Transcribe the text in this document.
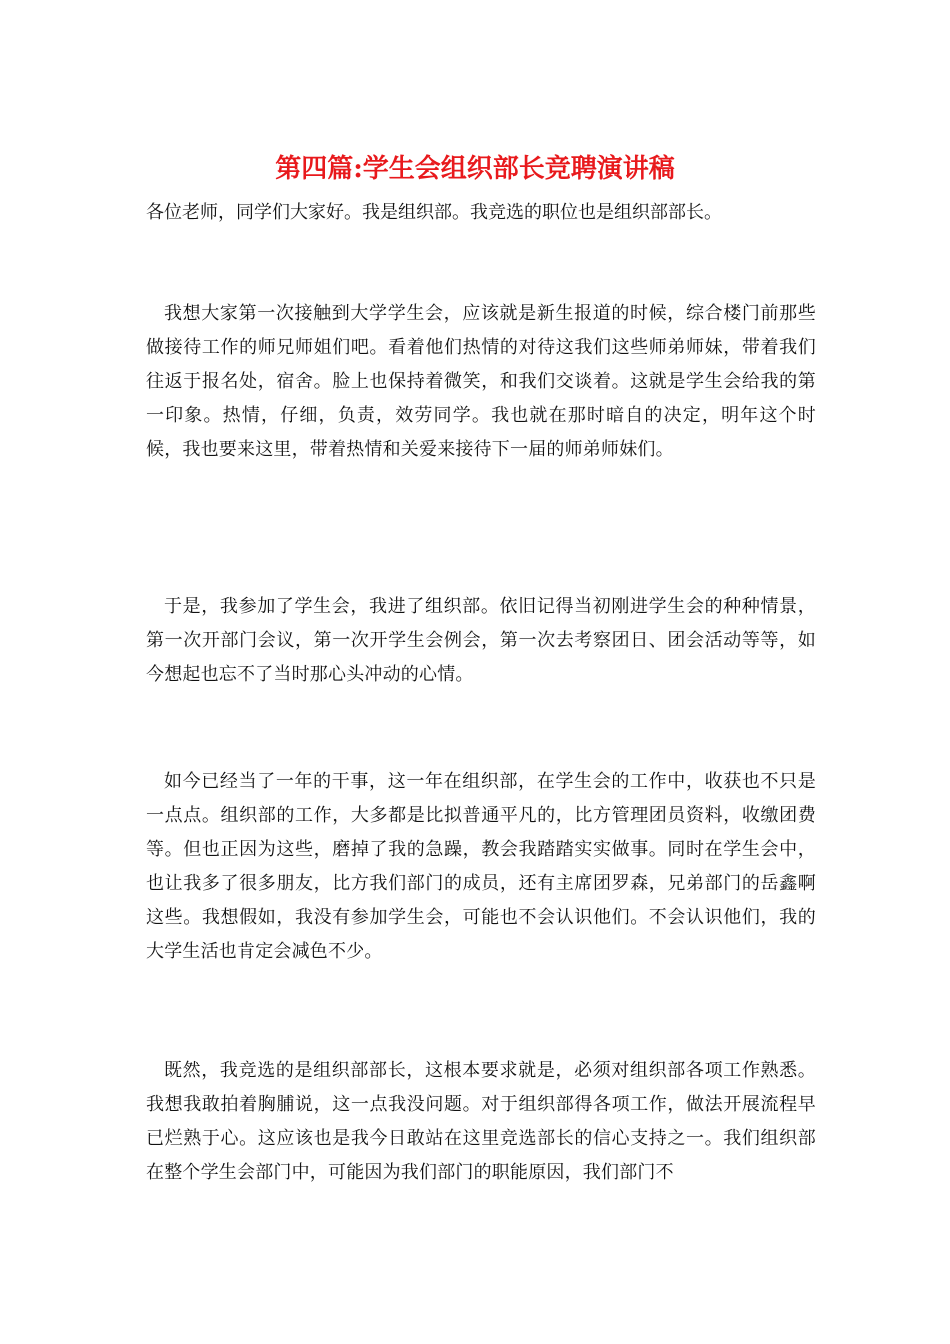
第四篇:学生会组织部长竞聘演讲稿

各位老师，同学们大家好。我是组织部。我竞选的职位也是组织部部长。

我想大家第一次接触到大学学生会，应该就是新生报道的时候，综合楼门前那些做接待工作的师兄师姐们吧。看着他们热情的对待这我们这些师弟师妹，带着我们往返于报名处，宿舍。脸上也保持着微笑，和我们交谈着。这就是学生会给我的第一印象。热情，仔细，负责，效劳同学。我也就在那时暗自的决定，明年这个时候，我也要来这里，带着热情和关爱来接待下一届的师弟师妹们。

于是，我参加了学生会，我进了组织部。依旧记得当初刚进学生会的种种情景，第一次开部门会议，第一次开学生会例会，第一次去考察团日、团会活动等等，如今想起也忘不了当时那心头冲动的心情。

如今已经当了一年的干事，这一年在组织部，在学生会的工作中，收获也不只是一点点。组织部的工作，大多都是比拟普通平凡的，比方管理团员资料，收缴团费等。但也正因为这些，磨掉了我的急躁，教会我踏踏实实做事。同时在学生会中，也让我多了很多朋友，比方我们部门的成员，还有主席团罗森，兄弟部门的岳鑫啊这些。我想假如，我没有参加学生会，可能也不会认识他们。不会认识他们，我的大学生活也肯定会减色不少。

既然，我竞选的是组织部部长，这根本要求就是，必须对组织部各项工作熟悉。我想我敢拍着胸脯说，这一点我没问题。对于组织部得各项工作，做法开展流程早已烂熟于心。这应该也是我今日敢站在这里竞选部长的信心支持之一。我们组织部在整个学生会部门中，可能因为我们部门的职能原因，我们部门不
